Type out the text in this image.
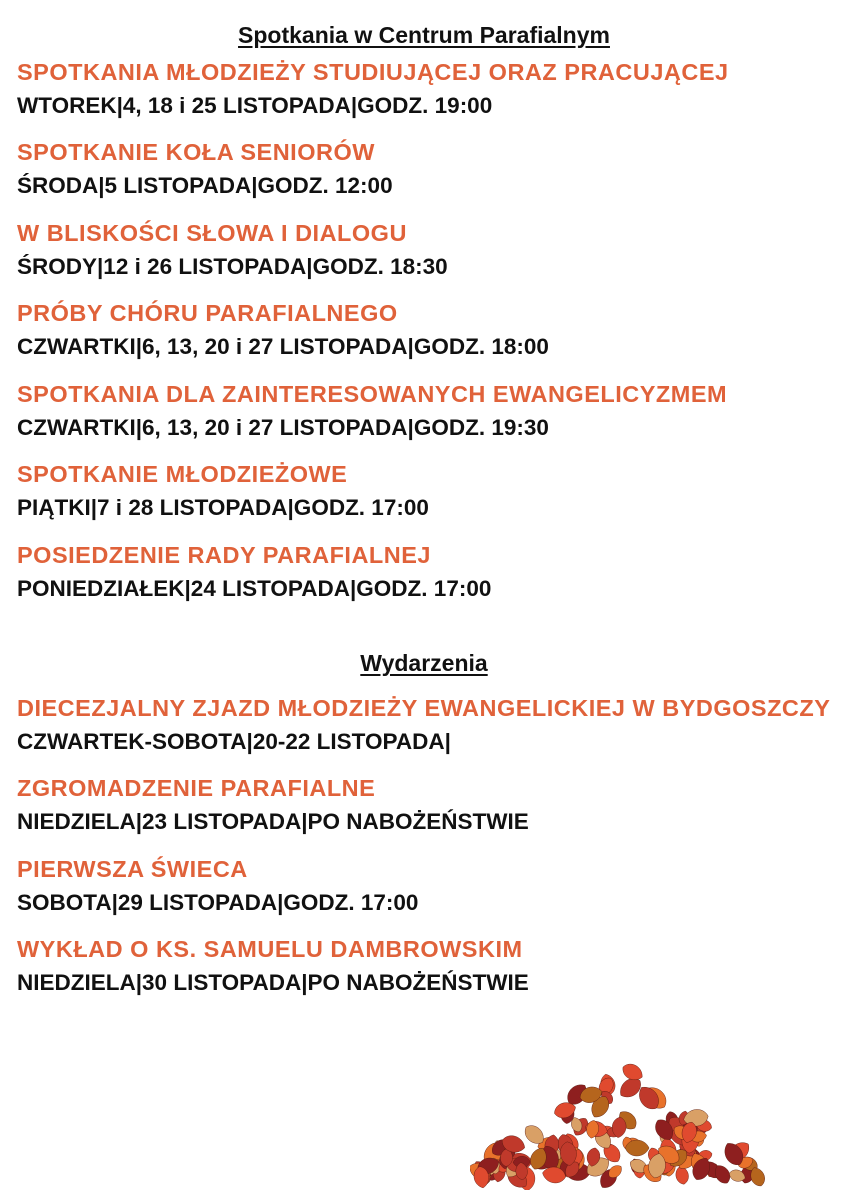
Spotkania w Centrum Parafialnym
SPOTKANIA MŁODZIEŻY STUDIUJĄCEJ ORAZ PRACUJĄCEJ
WTOREK|4, 18 i 25 LISTOPADA|GODZ. 19:00
SPOTKANIE KOŁA SENIORÓW
ŚRODA|5 LISTOPADA|GODZ. 12:00
W BLISKOŚCI SŁOWA I DIALOGU
ŚRODY|12 i 26 LISTOPADA|GODZ. 18:30
PRÓBY CHÓRU PARAFIALNEGO
CZWARTKI|6, 13, 20 i 27 LISTOPADA|GODZ. 18:00
SPOTKANIA DLA ZAINTERESOWANYCH EWANGELICYZMEM
CZWARTKI|6, 13, 20 i 27 LISTOPADA|GODZ. 19:30
SPOTKANIE MŁODZIEŻOWE
PIĄTKI|7 i 28 LISTOPADA|GODZ. 17:00
POSIEDZENIE RADY PARAFIALNEJ
PONIEDZIAŁEK|24 LISTOPADA|GODZ. 17:00
Wydarzenia
DIECEZJALNY ZJAZD MŁODZIEŻY EWANGELICKIEJ W BYDGOSZCZY
CZWARTEK-SOBOTA|20-22 LISTOPADA|
ZGROMADZENIE PARAFIALNE
NIEDZIELA|23 LISTOPADA|PO NABOŻEŃSTWIE
PIERWSZA ŚWIECA
SOBOTA|29 LISTOPADA|GODZ. 17:00
WYKŁAD O KS. SAMUELU DAMBROWSKIM
NIEDZIELA|30 LISTOPADA|PO NABOŻEŃSTWIE
